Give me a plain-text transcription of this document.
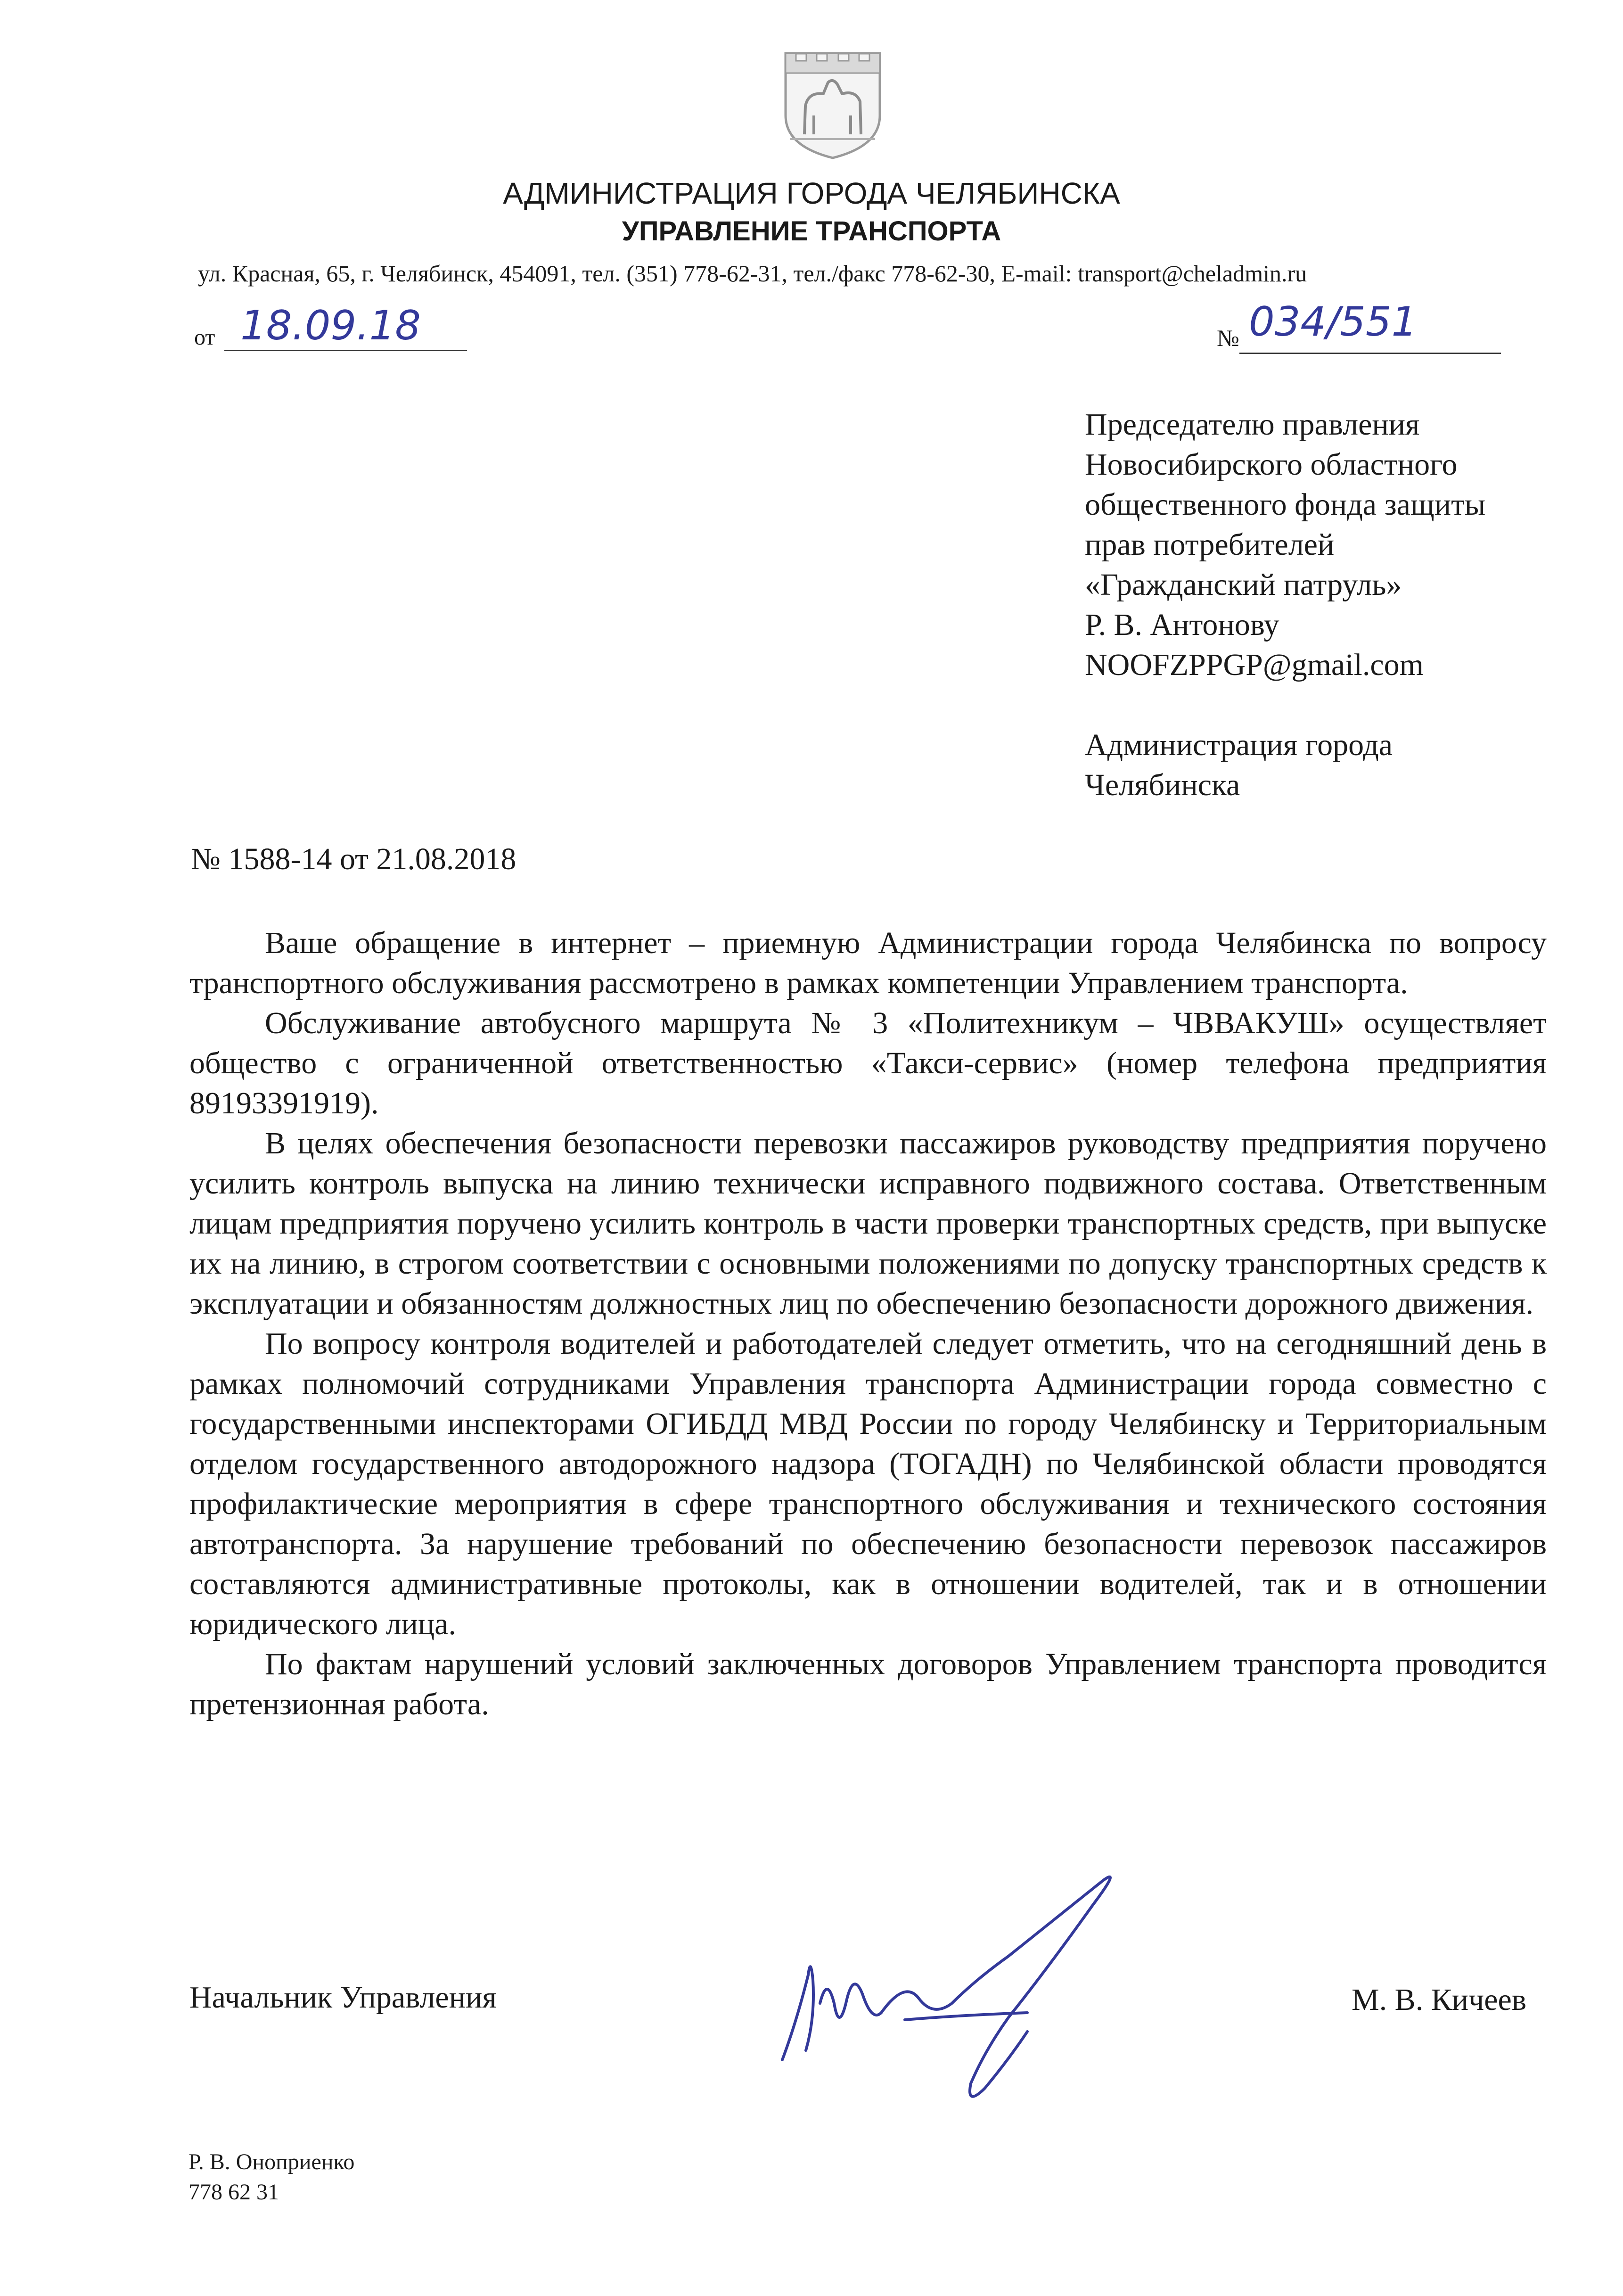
АДМИНИСТРАЦИЯ ГОРОДА ЧЕЛЯБИНСКА
УПРАВЛЕНИЕ ТРАНСПОРТА
ул. Красная, 65, г. Челябинск, 454091, тел. (351) 778-62-31, тел./факс 778-62-30, E-mail: transport@cheladmin.ru
от 18.09.18	№ 034/551
Председателю правления
Новосибирского областного
общественного фонда защиты
прав потребителей
«Гражданский патруль»
Р. В. Антонову
NOOFZPPGP@gmail.com
Администрация города
Челябинска
№ 1588-14 от 21.08.2018

Ваше обращение в интернет – приемную Администрации города Челябинска по вопросу транспортного обслуживания рассмотрено в рамках компетенции Управлением транспорта.

Обслуживание автобусного маршрута № 3 «Политехникум – ЧВВАКУШ» осуществляет общество с ограниченной ответственностью «Такси-сервис» (номер телефона предприятия 89193391919).

В целях обеспечения безопасности перевозки пассажиров руководству предприятия поручено усилить контроль выпуска на линию технически исправного подвижного состава. Ответственным лицам предприятия поручено усилить контроль в части проверки транспортных средств, при выпуске их на линию, в строгом соответствии с основными положениями по допуску транспортных средств к эксплуатации и обязанностям должностных лиц по обеспечению безопасности дорожного движения.

По вопросу контроля водителей и работодателей следует отметить, что на сегодняшний день в рамках полномочий сотрудниками Управления транспорта Администрации города совместно с государственными инспекторами ОГИБДД МВД России по городу Челябинску и Территориальным отделом государственного автодорожного надзора (ТОГАДН) по Челябинской области проводятся профилактические мероприятия в сфере транспортного обслуживания и технического состояния автотранспорта. За нарушение требований по обеспечению безопасности перевозок пассажиров составляются административные протоколы, как в отношении водителей, так и в отношении юридического лица.

По фактам нарушений условий заключенных договоров Управлением транспорта проводится претензионная работа.

Начальник Управления	М. В. Кичеев
Р. В. Оноприенко
778 62 31
